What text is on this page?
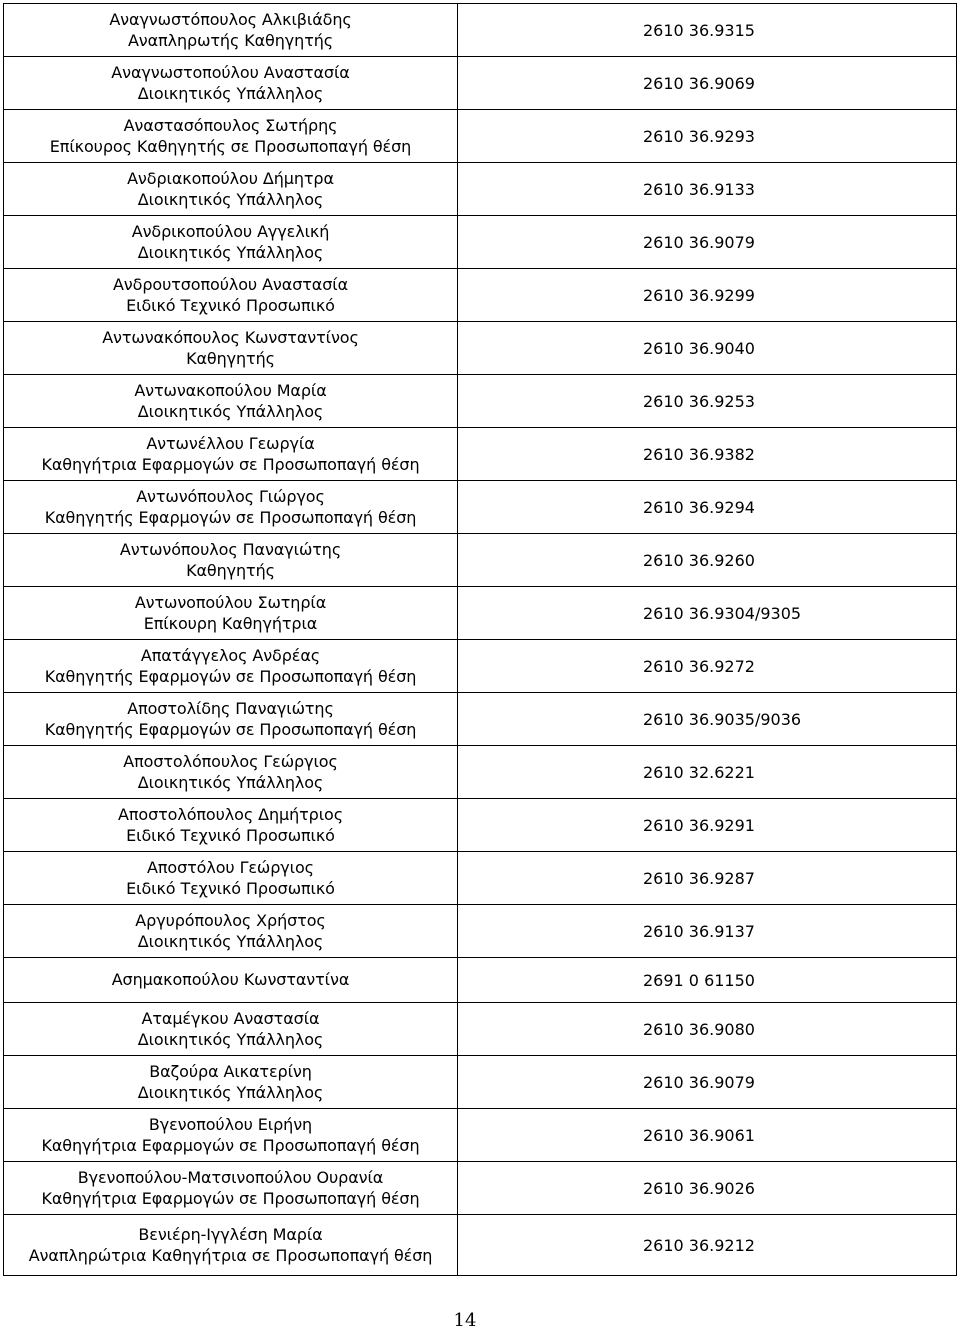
Αναγνωστόπουλος Αλκιβιάδης
Αναπληρωτής Καθηγητής	2610 36.9315

Αναγνωστοπούλου Αναστασία
Διοικητικός Υπάλληλος	2610 36.9069

Αναστασόπουλος Σωτήρης
Επίκουρος Καθηγητής σε Προσωποπαγή θέση	2610 36.9293

Ανδριακοπούλου Δήμητρα
Διοικητικός Υπάλληλος	2610 36.9133

Ανδρικοπούλου Αγγελική
Διοικητικός Υπάλληλος	2610 36.9079

Ανδρουτσοπούλου Αναστασία
Ειδικό Τεχνικό Προσωπικό	2610 36.9299

Αντωνακόπουλος Κωνσταντίνος
Καθηγητής	2610 36.9040

Αντωνακοπούλου Μαρία
Διοικητικός Υπάλληλος	2610 36.9253

Αντωνέλλου Γεωργία
Καθηγήτρια Εφαρμογών σε Προσωποπαγή θέση	2610 36.9382

Αντωνόπουλος Γιώργος
Καθηγητής Εφαρμογών σε Προσωποπαγή θέση	2610 36.9294

Αντωνόπουλος Παναγιώτης
Καθηγητής	2610 36.9260

Αντωνοπούλου Σωτηρία
Επίκουρη Καθηγήτρια	2610 36.9304/9305

Απατάγγελος Ανδρέας
Καθηγητής Εφαρμογών σε Προσωποπαγή θέση	2610 36.9272

Αποστολίδης Παναγιώτης
Καθηγητής Εφαρμογών σε Προσωποπαγή θέση	2610 36.9035/9036

Αποστολόπουλος Γεώργιος
Διοικητικός Υπάλληλος	2610 32.6221

Αποστολόπουλος Δημήτριος
Ειδικό Τεχνικό Προσωπικό	2610 36.9291

Αποστόλου Γεώργιος
Ειδικό Τεχνικό Προσωπικό	2610 36.9287

Αργυρόπουλος Χρήστος
Διοικητικός Υπάλληλος	2610 36.9137

Ασημακοπούλου Κωνσταντίνα	2691 0 61150

Αταμέγκου Αναστασία
Διοικητικός Υπάλληλος	2610 36.9080

Βαζούρα Αικατερίνη
Διοικητικός Υπάλληλος	2610 36.9079

Βγενοπούλου Ειρήνη
Καθηγήτρια Εφαρμογών σε Προσωποπαγή θέση	2610 36.9061

Βγενοπούλου-Ματσινοπούλου Ουρανία
Καθηγήτρια Εφαρμογών σε Προσωποπαγή θέση	2610 36.9026

Βενιέρη-Ιγγλέση Μαρία
Αναπληρώτρια Καθηγήτρια σε Προσωποπαγή θέση	2610 36.9212
14
